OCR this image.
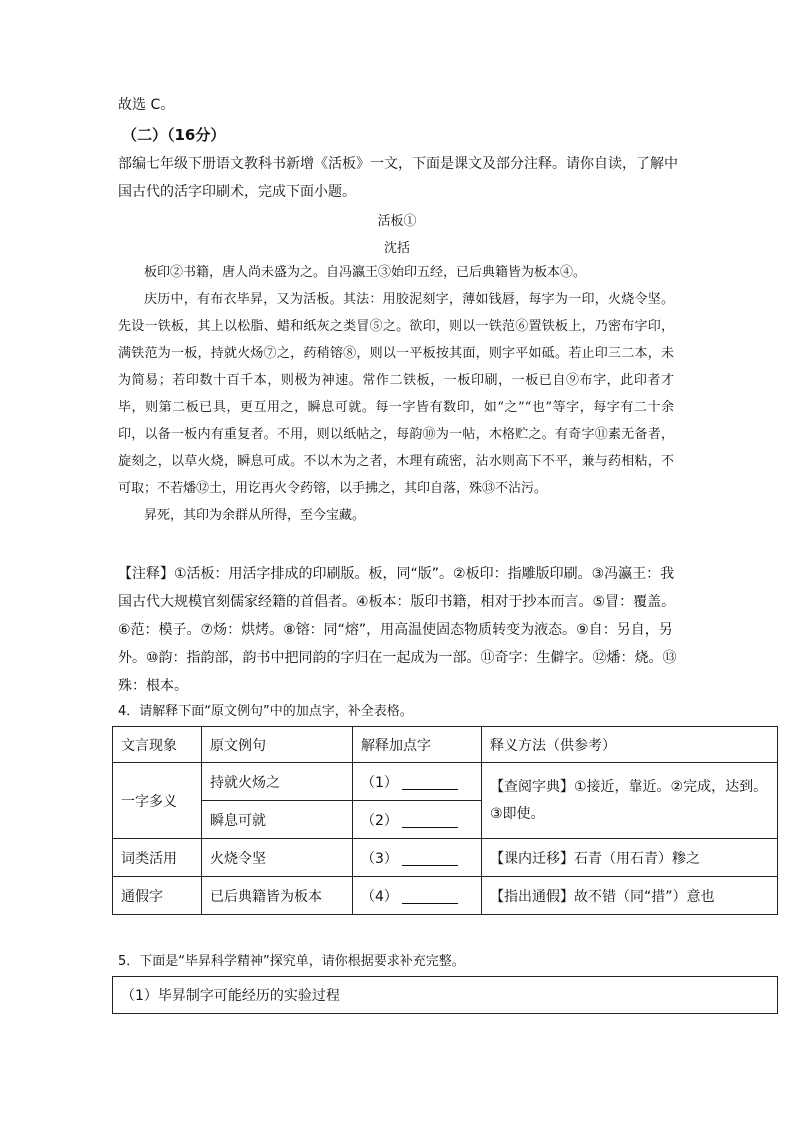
故选 C。
（二）（16分）
部编七年级下册语文教科书新增《活板》一文，下面是课文及部分注释。请你自读，了解中国古代的活字印刷术，完成下面小题。
活板①
沈括

板印②书籍，唐人尚未盛为之。自冯瀛王③始印五经，已后典籍皆为板本④。

庆历中，有布衣毕昇，又为活板。其法：用胶泥刻字，薄如钱唇，每字为一印，火烧令坚。先设一铁板，其上以松脂、蜡和纸灰之类冒⑤之。欲印，则以一铁范⑥置铁板上，乃密布字印，满铁范为一板，持就火炀⑦之，药稍镕⑧，则以一平板按其面，则字平如砥。若止印三二本，未为简易；若印数十百千本，则极为神速。常作二铁板，一板印刷，一板已自⑨布字，此印者才毕，则第二板已具，更互用之，瞬息可就。每一字皆有数印，如“之”“也”等字，每字有二十余印，以备一板内有重复者。不用，则以纸帖之，每韵⑩为一帖，木格贮之。有奇字⑪素无备者，旋刻之，以草火烧，瞬息可成。不以木为之者，木理有疏密，沾水则高下不平，兼与药相粘，不可取；不若燔⑫土，用讫再火令药镕，以手拂之，其印自落，殊⑬不沾污。

昇死，其印为余群从所得，至今宝藏。

【注释】①活板：用活字排成的印刷版。板，同“版”。②板印：指雕版印刷。③冯瀛王：我国古代大规模官刻儒家经籍的首倡者。④板本：版印书籍，相对于抄本而言。⑤冒：覆盖。⑥范：模子。⑦炀：烘烤。⑧镕：同“熔”，用高温使固态物质转变为液态。⑨自：另自，另外。⑩韵：指韵部，韵书中把同韵的字归在一起成为一部。⑪奇字：生僻字。⑫燔：烧。⑬殊：根本。
4．请解释下面“原文例句”中的加点字，补全表格。
文言现象	原文例句	解释加点字	释义方法（供参考）
一字多义	持就火炀之	（1）	【查阅字典】①接近，靠近。②完成，达到。③即使。
	瞬息可就	（2）	
词类活用	火烧令坚	（3）	【课内迁移】石青（用石青）糁之
通假字	已后典籍皆为板本	（4）	【指出通假】故不错（同“措”）意也
5．下面是“毕昇科学精神”探究单，请你根据要求补充完整。
（1）毕昇制字可能经历的实验过程
